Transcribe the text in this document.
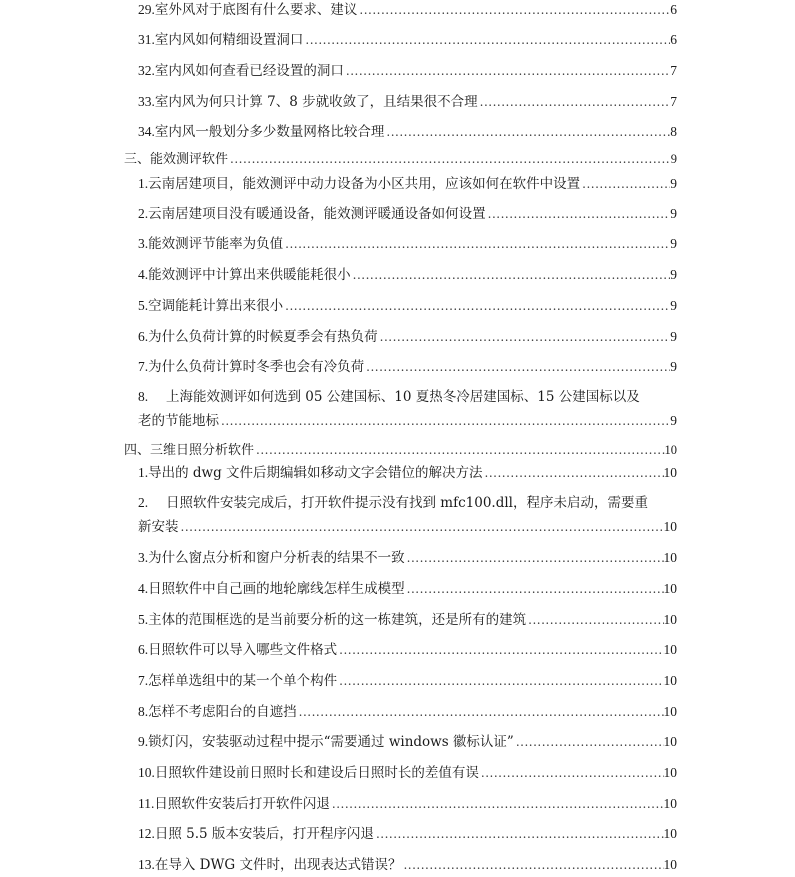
29. 室外风对于底图有什么要求、建议 .....	6
31. 室内风如何精细设置洞口 .....	6
32. 室内风如何查看已经设置的洞口 .....	7
33. 室内风为何只计算 7、8 步就收敛了，且结果很不合理 .....	7
34. 室内风一般划分多少数量网格比较合理 .....	8
三、 能效测评软件 .....	9
1. 云南居建项目，能效测评中动力设备为小区共用，应该如何在软件中设置 .....	9
2. 云南居建项目没有暖通设备，能效测评暖通设备如何设置 .....	9
3. 能效测评节能率为负值 .....	9
4. 能效测评中计算出来供暖能耗很小 .....	9
5. 空调能耗计算出来很小 .....	9
6. 为什么负荷计算的时候夏季会有热负荷 .....	9
7. 为什么负荷计算时冬季也会有冷负荷 .....	9
8.	上海能效测评如何选到 05 公建国标、10 夏热冬冷居建国标、15 公建国标以及
老的节能地标 .....	9
四、 三维日照分析软件 .....	10
1. 导出的 dwg 文件后期编辑如移动文字会错位的解决方法 .....	10
2.	日照软件安装完成后，打开软件提示没有找到 mfc100.dll，程序未启动，需要重
新安装 .....	10
3. 为什么窗点分析和窗户分析表的结果不一致 .....	10
4. 日照软件中自己画的地轮廓线怎样生成模型 .....	10
5. 主体的范围框选的是当前要分析的这一栋建筑，还是所有的建筑 .....	10
6. 日照软件可以导入哪些文件格式 .....	10
7. 怎样单选组中的某一个单个构件 .....	10
8. 怎样不考虑阳台的自遮挡 .....	10
9. 锁灯闪，安装驱动过程中提示“需要通过 windows 徽标认证” .....	10
10. 日照软件建设前日照时长和建设后日照时长的差值有误 .....	10
11. 日照软件安装后打开软件闪退 .....	10
12. 日照 5.5 版本安装后，打开程序闪退 .....	10
13. 在导入 DWG 文件时，出现表达式错误？ .....	10
